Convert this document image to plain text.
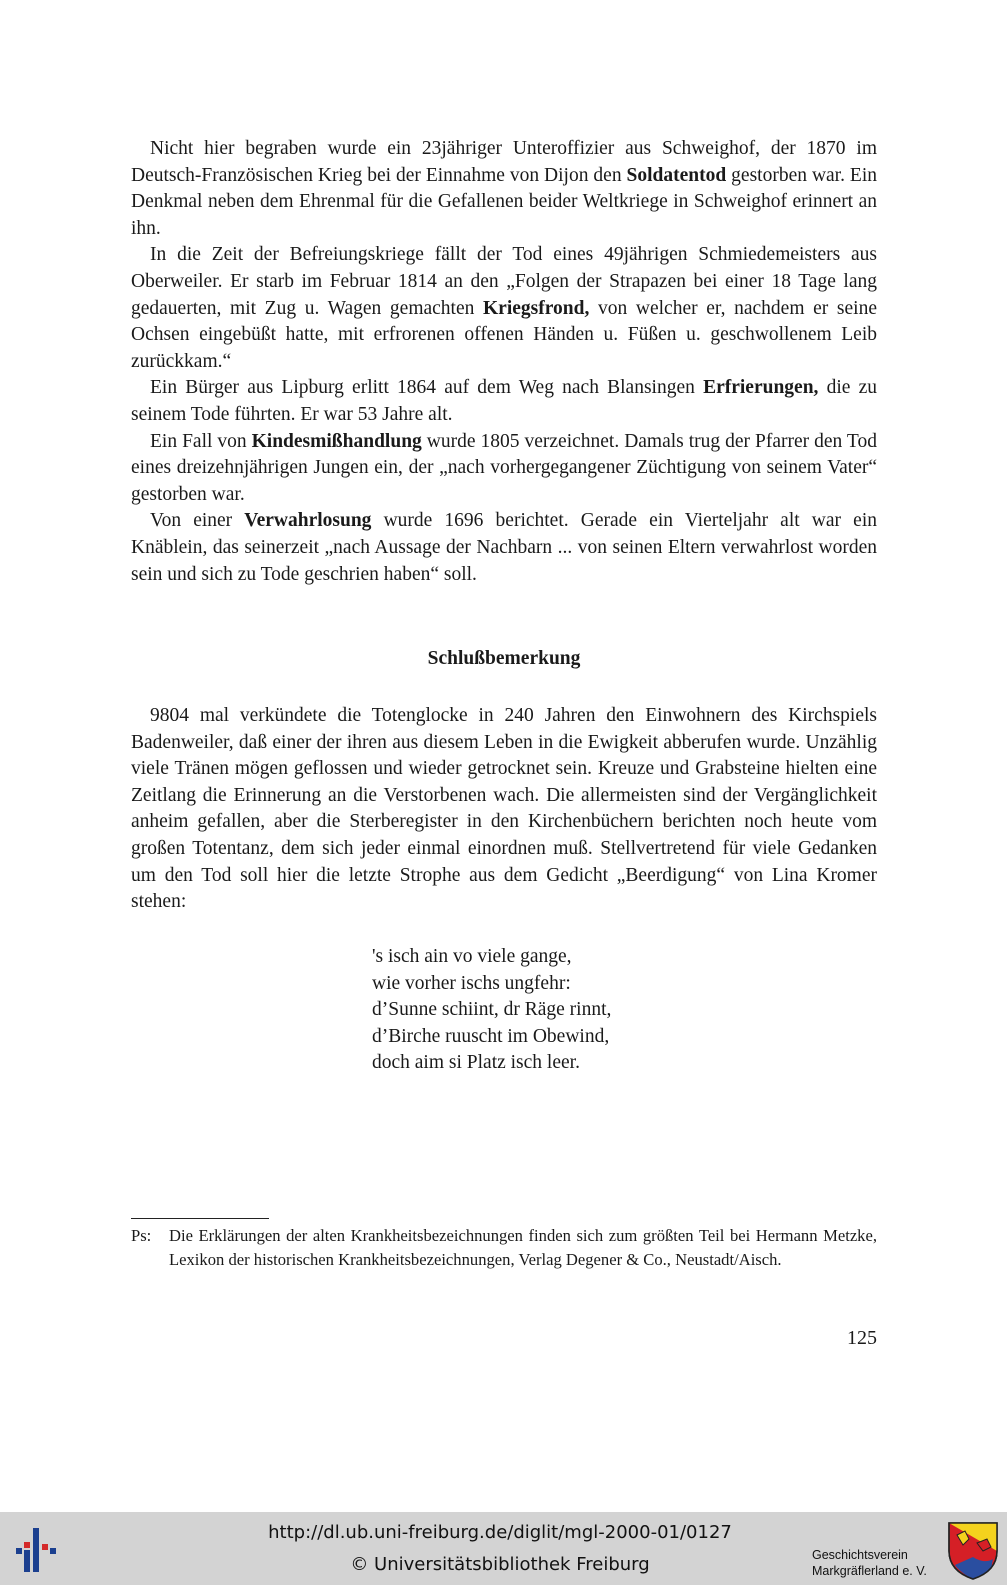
Nicht hier begraben wurde ein 23jähriger Unteroffizier aus Schweighof, der 1870 im Deutsch-Französischen Krieg bei der Einnahme von Dijon den Soldatentod gestorben war. Ein Denkmal neben dem Ehrenmal für die Gefallenen beider Weltkriege in Schweighof erinnert an ihn.

In die Zeit der Befreiungskriege fällt der Tod eines 49jährigen Schmiedemeisters aus Oberweiler. Er starb im Februar 1814 an den „Folgen der Strapazen bei einer 18 Tage lang gedauerten, mit Zug u. Wagen gemachten Kriegsfrond, von welcher er, nachdem er seine Ochsen eingebüßt hatte, mit erfrorenen offenen Händen u. Füßen u. geschwollenem Leib zurückkam.“

Ein Bürger aus Lipburg erlitt 1864 auf dem Weg nach Blansingen Erfrierungen, die zu seinem Tode führten. Er war 53 Jahre alt.

Ein Fall von Kindesmißhandlung wurde 1805 verzeichnet. Damals trug der Pfarrer den Tod eines dreizehnjährigen Jungen ein, der „nach vorhergegangener Züchtigung von seinem Vater“ gestorben war.

Von einer Verwahrlosung wurde 1696 berichtet. Gerade ein Vierteljahr alt war ein Knäblein, das seinerzeit „nach Aussage der Nachbarn ... von seinen Eltern verwahrlost worden sein und sich zu Tode geschrien haben“ soll.

Schlußbemerkung

9804 mal verkündete die Totenglocke in 240 Jahren den Einwohnern des Kirchspiels Badenweiler, daß einer der ihren aus diesem Leben in die Ewigkeit abberufen wurde. Unzählig viele Tränen mögen geflossen und wieder getrocknet sein. Kreuze und Grabsteine hielten eine Zeitlang die Erinnerung an die Verstorbenen wach. Die allermeisten sind der Vergänglichkeit anheim gefallen, aber die Sterberegister in den Kirchenbüchern berichten noch heute vom großen Totentanz, dem sich jeder einmal einordnen muß. Stellvertretend für viele Gedanken um den Tod soll hier die letzte Strophe aus dem Gedicht „Beerdigung“ von Lina Kromer stehen:

's isch ain vo viele gange,
wie vorher ischs ungfehr:
d’Sunne schiint, dr Räge rinnt,
d’Birche ruuscht im Obewind,
doch aim si Platz isch leer.
Ps: Die Erklärungen der alten Krankheitsbezeichnungen finden sich zum größten Teil bei Hermann Metzke, Lexikon der historischen Krankheitsbezeichnungen, Verlag Degener & Co., Neustadt/Aisch.
125
http://dl.ub.uni-freiburg.de/diglit/mgl-2000-01/0127
© Universitätsbibliothek Freiburg	Geschichtsverein
Markgräflerland e. V.
